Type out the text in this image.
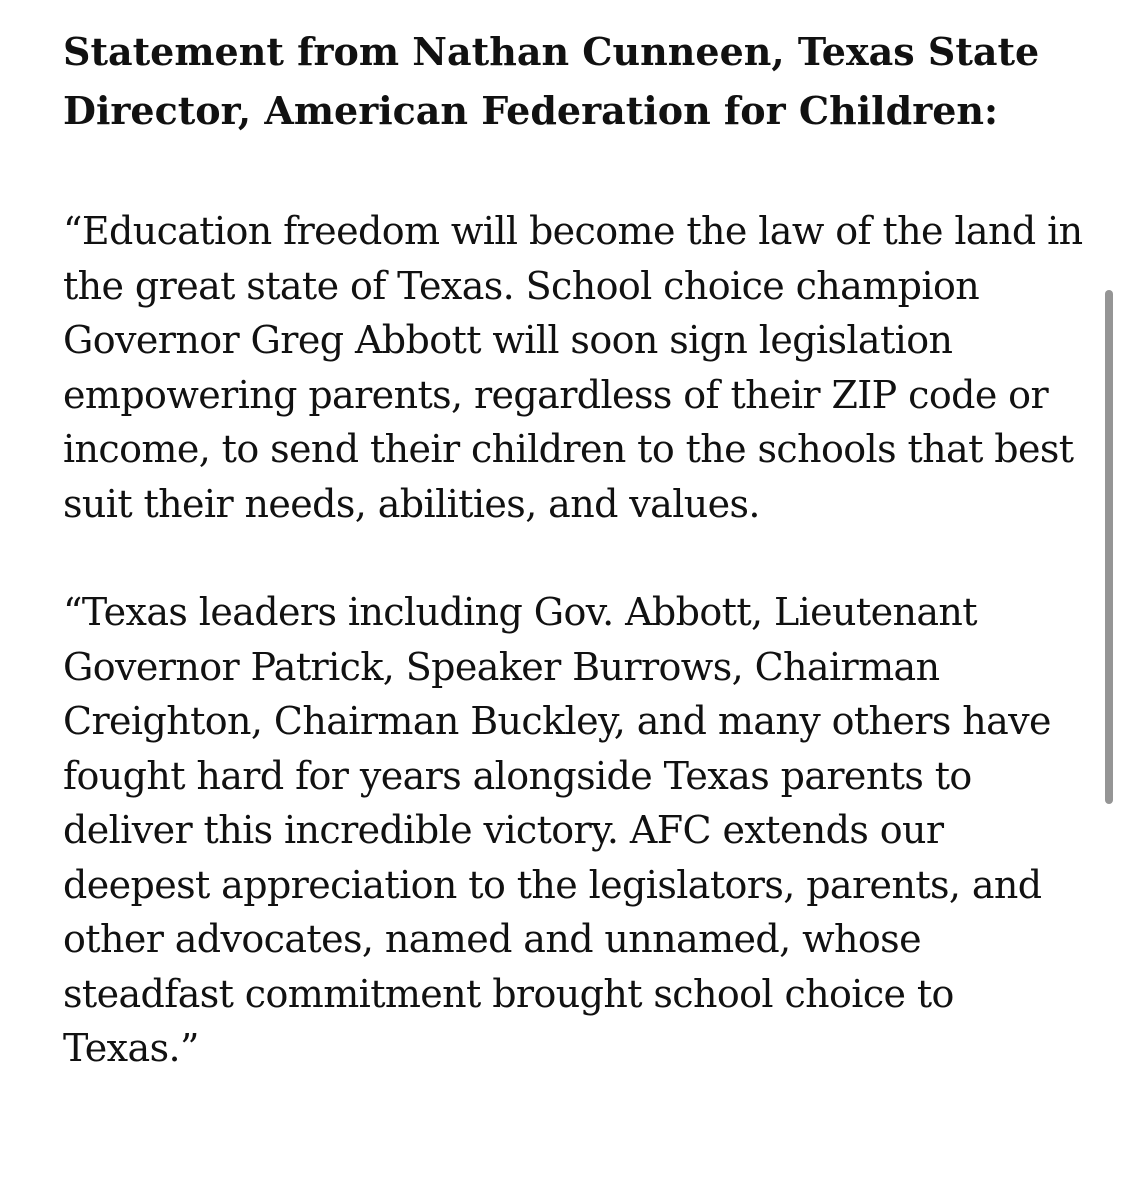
Statement from Nathan Cunneen, Texas State Director, American Federation for Children:

“Education freedom will become the law of the land in the great state of Texas. School choice champion Governor Greg Abbott will soon sign legislation empowering parents, regardless of their ZIP code or income, to send their children to the schools that best suit their needs, abilities, and values.

“Texas leaders including Gov. Abbott, Lieutenant Governor Patrick, Speaker Burrows, Chairman Creighton, Chairman Buckley, and many others have fought hard for years alongside Texas parents to deliver this incredible victory. AFC extends our deepest appreciation to the legislators, parents, and other advocates, named and unnamed, whose steadfast commitment brought school choice to Texas.”
